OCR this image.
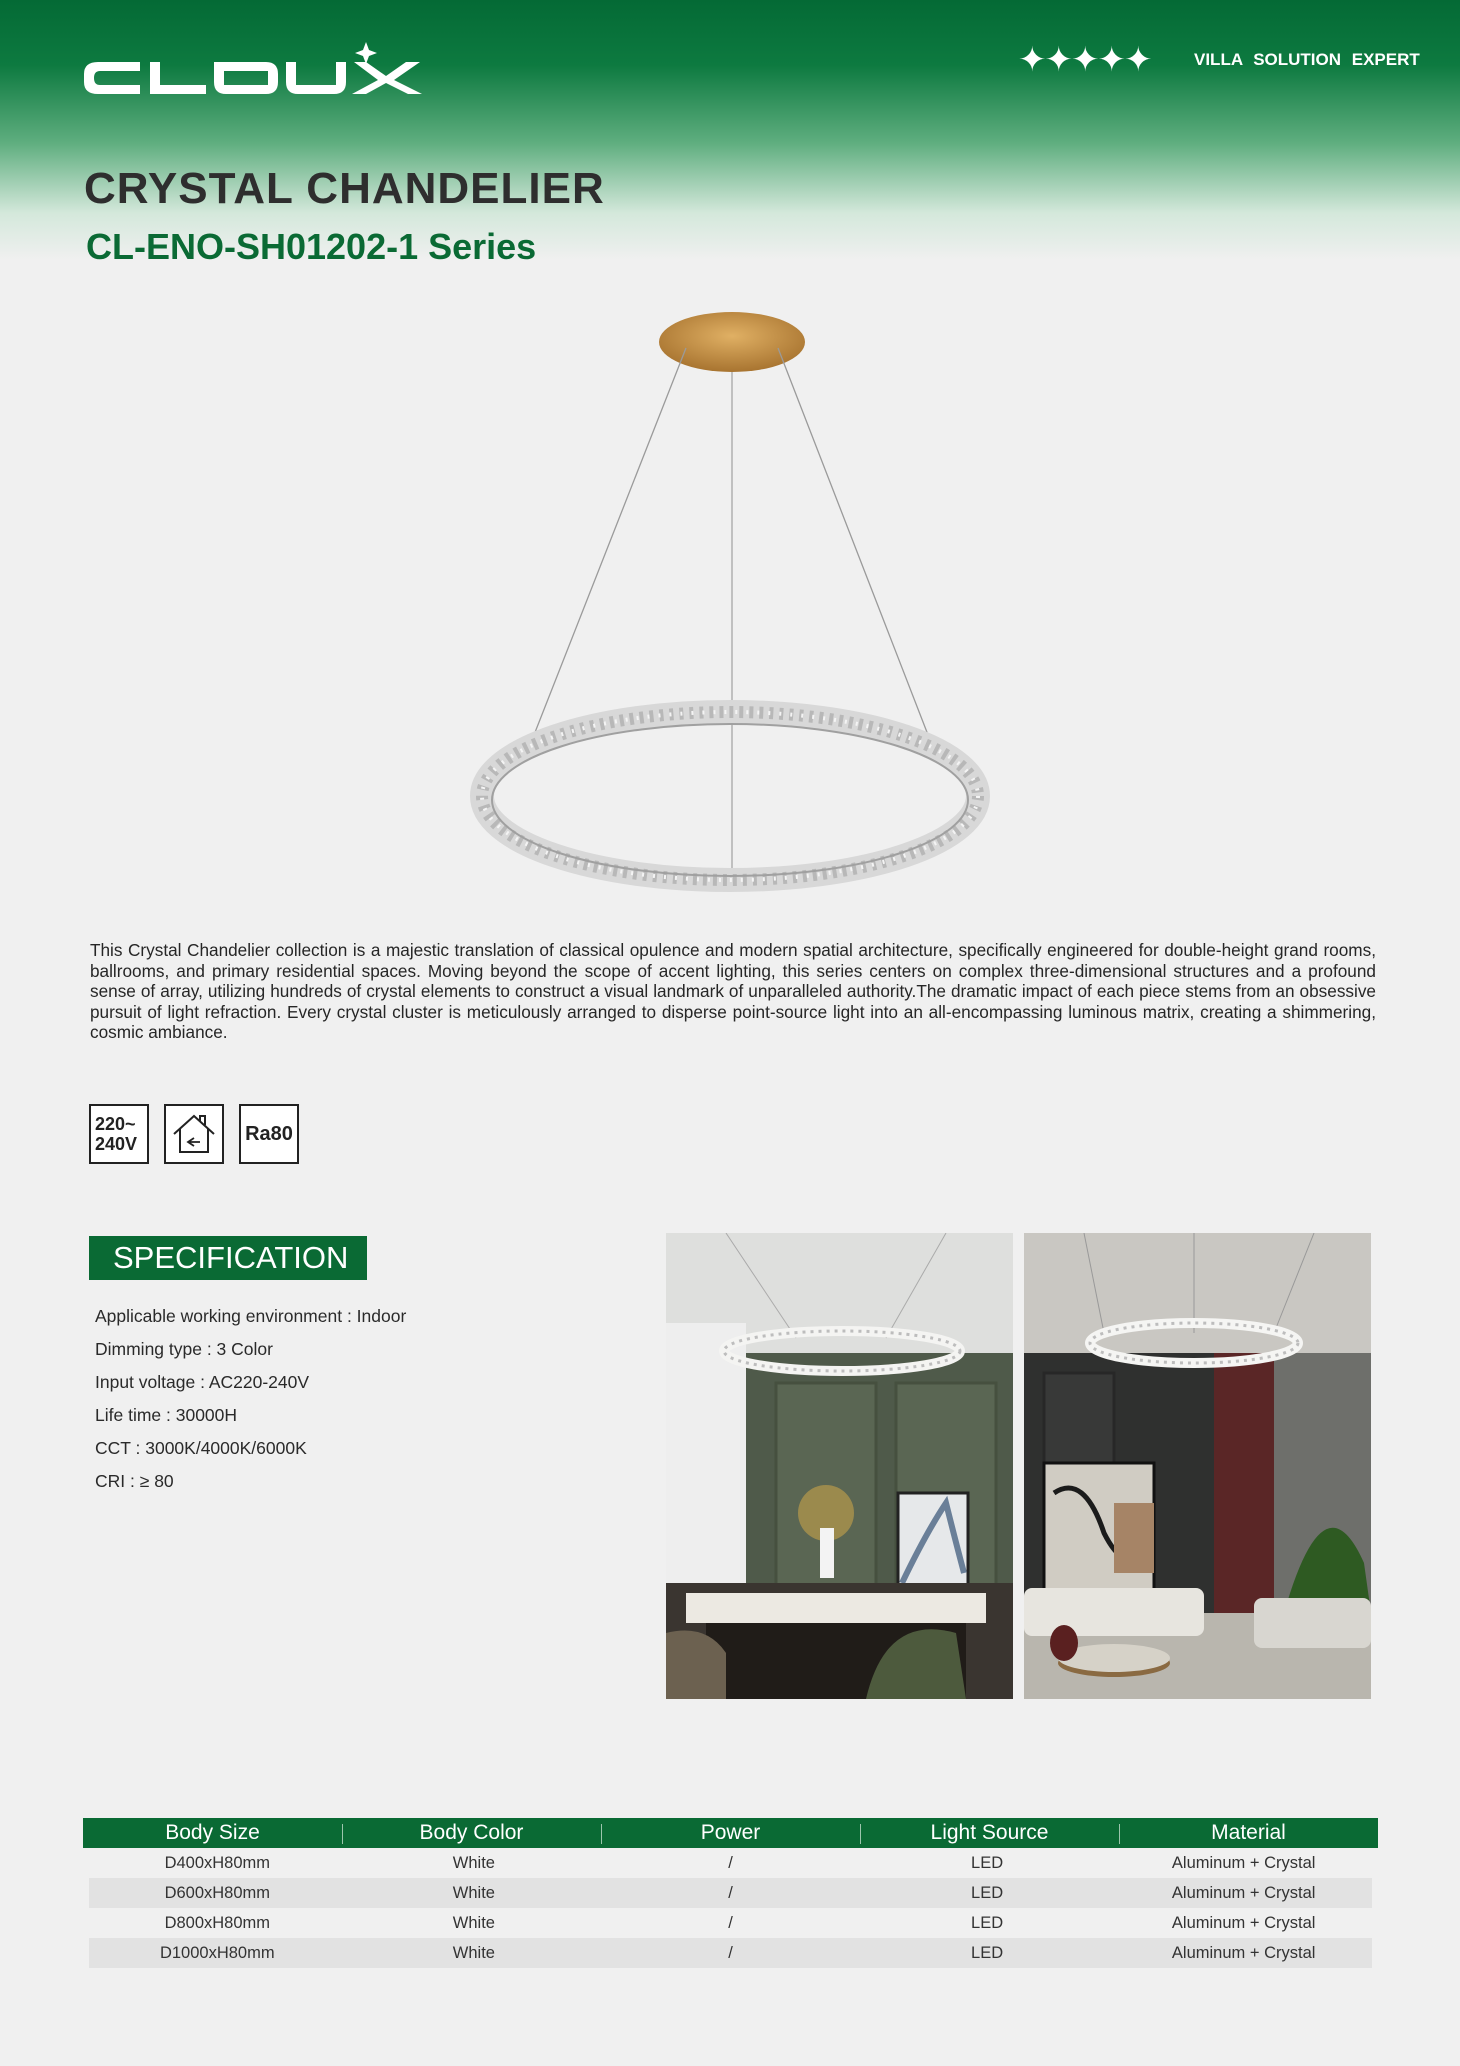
✦✦✦✦✦	VILLA SOLUTION EXPERT
CRYSTAL CHANDELIER
CL-ENO-SH01202-1 Series

This Crystal Chandelier collection is a majestic translation of classical opulence and modern spatial architecture, specifically engineered for double-height grand rooms, ballrooms, and primary residential spaces. Moving beyond the scope of accent lighting, this series centers on complex three-dimensional structures and a profound sense of array, utilizing hundreds of crystal elements to construct a visual landmark of unparalleled authority.The dramatic impact of each piece stems from an obsessive pursuit of light refraction. Every crystal cluster is meticulously arranged to disperse point-source light into an all-encompassing luminous matrix, creating a shimmering, cosmic ambiance.

220~
240V	Ra80
SPECIFICATION
Applicable working environment : Indoor
Dimming type : 3 Color
Input voltage : AC220-240V
Life time : 30000H
CCT : 3000K/4000K/6000K
CRI : ≥ 80
Body Size	Body Color	Power	Light Source	Material
D400xH80mm	White	/	LED	Aluminum + Crystal
D600xH80mm	White	/	LED	Aluminum + Crystal
D800xH80mm	White	/	LED	Aluminum + Crystal
D1000xH80mm	White	/	LED	Aluminum + Crystal
